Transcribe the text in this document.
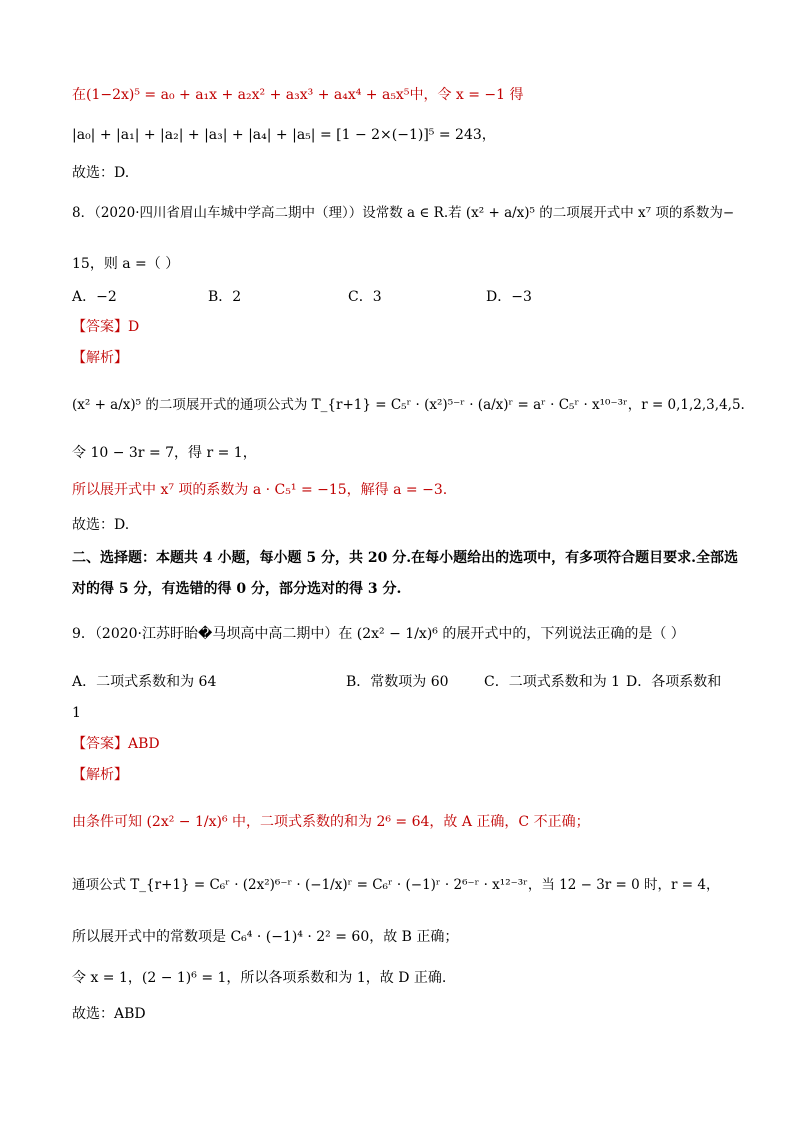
在(1−2x)⁵ = a₀ + a₁x + a₂x² + a₃x³ + a₄x⁴ + a₅x⁵中，令 x = −1 得
|a₀| + |a₁| + |a₂| + |a₃| + |a₄| + |a₅| = [1 − 2×(−1)]⁵ = 243，
故选：D.
8．（2020·四川省眉山车城中学高二期中（理））设常数 a ∈ R.若 (x² + a/x)⁵ 的二项展开式中 x⁷ 项的系数为−
15，则 a =（ ）
A．−2	B．2	C．3	D．−3
【答案】D
【解析】
(x² + a/x)⁵ 的二项展开式的通项公式为 T_{r+1} = C₅ʳ · (x²)⁵⁻ʳ · (a/x)ʳ = aʳ · C₅ʳ · x¹⁰⁻³ʳ，r = 0,1,2,3,4,5.
令 10 − 3r = 7，得 r = 1，
所以展开式中 x⁷ 项的系数为 a · C₅¹ = −15，解得 a = −3.
故选：D.
二、选择题：本题共 4 小题，每小题 5 分，共 20 分.在每小题给出的选项中，有多项符合题目要求.全部选
对的得 5 分，有选错的得 0 分，部分选对的得 3 分.
9．（2020·江苏盱眙�马坝高中高二期中）在 (2x² − 1/x)⁶ 的展开式中的，下列说法正确的是（ ）
A．二项式系数和为 64	B．常数项为 60	C．二项式系数和为 1 D．各项系数和
1
【答案】ABD
【解析】
由条件可知 (2x² − 1/x)⁶ 中，二项式系数的和为 2⁶ = 64，故 A 正确，C 不正确；
通项公式 T_{r+1} = C₆ʳ · (2x²)⁶⁻ʳ · (−1/x)ʳ = C₆ʳ · (−1)ʳ · 2⁶⁻ʳ · x¹²⁻³ʳ，当 12 − 3r = 0 时，r = 4，
所以展开式中的常数项是 C₆⁴ · (−1)⁴ · 2² = 60，故 B 正确；
令 x = 1，(2 − 1)⁶ = 1，所以各项系数和为 1，故 D 正确.
故选：ABD
